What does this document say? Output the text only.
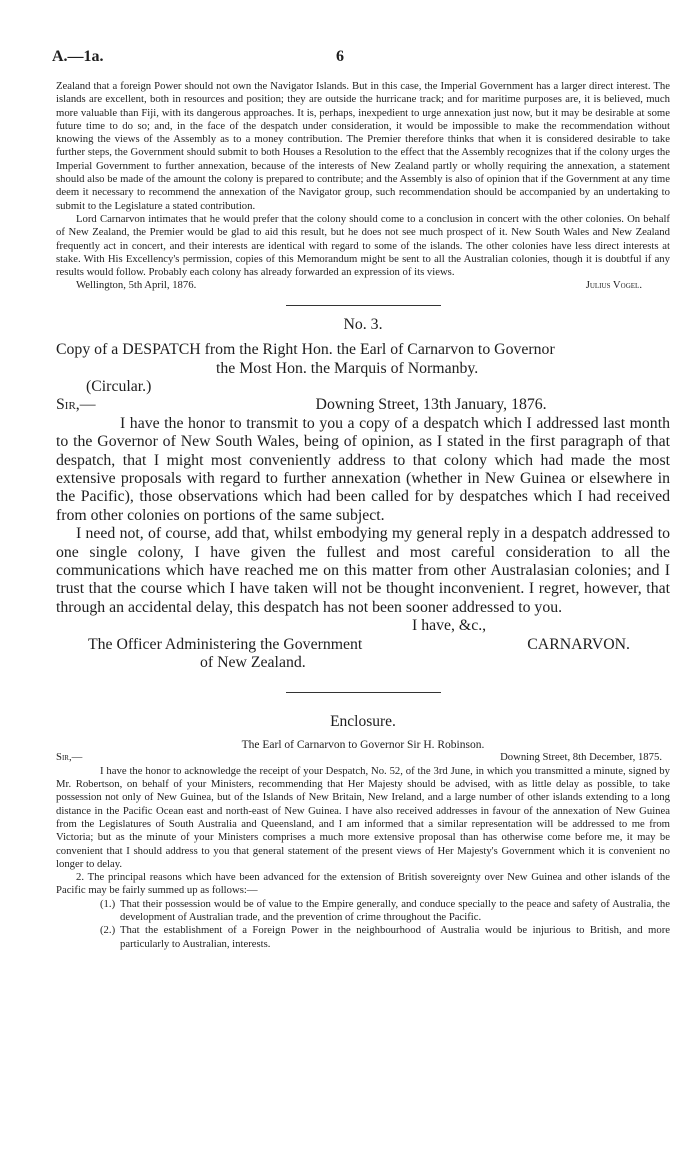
A.—1a.	6

Zealand that a foreign Power should not own the Navigator Islands. But in this case, the Imperial Government has a larger direct interest. The islands are excellent, both in resources and position; they are outside the hurricane track; and for maritime purposes are, it is believed, much more valuable than Fiji, with its dangerous approaches. It is, perhaps, inexpedient to urge annexation just now, but it may be desirable at some future time to do so; and, in the face of the despatch under consideration, it would be impossible to make the recommendation without knowing the views of the Assembly as to a money contribution. The Premier therefore thinks that when it is considered desirable to take further steps, the Government should submit to both Houses a Resolution to the effect that the Assembly recognizes that if the colony urges the Imperial Government to further annexation, because of the interests of New Zealand partly or wholly requiring the annexation, a statement should also be made of the amount the colony is prepared to contribute; and the Assembly is also of opinion that if the Government at any time deem it necessary to recommend the annexation of the Navigator group, such recommendation should be accompanied by an undertaking to submit to the Legislature a stated contribution.

Lord Carnarvon intimates that he would prefer that the colony should come to a conclusion in concert with the other colonies. On behalf of New Zealand, the Premier would be glad to aid this result, but he does not see much prospect of it. New South Wales and New Zealand frequently act in concert, and their interests are identical with regard to some of the islands. The other colonies have less direct interests at stake. With His Excellency's permission, copies of this Memorandum might be sent to all the Australian colonies, though it is doubtful if any results would follow. Probably each colony has already forwarded an expression of its views.

Wellington, 5th April, 1876.	Julius Vogel.
No. 3.
Copy of a DESPATCH from the Right Hon. the Earl of Carnarvon to Governor
the Most Hon. the Marquis of Normanby.
(Circular.)
Sir,—	Downing Street, 13th January, 1876.

I have the honor to transmit to you a copy of a despatch which I addressed last month to the Governor of New South Wales, being of opinion, as I stated in the first paragraph of that despatch, that I might most conveniently address to that colony which had made the most extensive proposals with regard to further annexation (whether in New Guinea or elsewhere in the Pacific), those observations which had been called for by despatches which I had received from other colonies on portions of the same subject.

I need not, of course, add that, whilst embodying my general reply in a despatch addressed to one single colony, I have given the fullest and most careful consideration to all the communications which have reached me on this matter from other Australasian colonies; and I trust that the course which I have taken will not be thought inconvenient. I regret, however, that through an accidental delay, this despatch has not been sooner addressed to you.

I have, &c.,
The Officer Administering the Government	CARNARVON.
of New Zealand.
Enclosure.
The Earl of Carnarvon to Governor Sir H. Robinson.
Sir,—	Downing Street, 8th December, 1875.

I have the honor to acknowledge the receipt of your Despatch, No. 52, of the 3rd June, in which you transmitted a minute, signed by Mr. Robertson, on behalf of your Ministers, recommending that Her Majesty should be advised, with as little delay as possible, to take possession not only of New Guinea, but of the Islands of New Britain, New Ireland, and a large number of other islands extending to a long distance in the Pacific Ocean east and north-east of New Guinea. I have also received addresses in favour of the annexation of New Guinea from the Legislatures of South Australia and Queensland, and I am informed that a similar representation will be addressed to me from Victoria; but as the minute of your Ministers comprises a much more extensive proposal than has otherwise come before me, it may be convenient that I should address to you that general statement of the present views of Her Majesty's Government which it is convenient no longer to delay.

2. The principal reasons which have been advanced for the extension of British sovereignty over New Guinea and other islands of the Pacific may be fairly summed up as follows:—

(1.) That their possession would be of value to the Empire generally, and conduce specially to the peace and safety of Australia, the development of Australian trade, and the prevention of crime throughout the Pacific.
(2.) That the establishment of a Foreign Power in the neighbourhood of Australia would be injurious to British, and more particularly to Australian, interests.
